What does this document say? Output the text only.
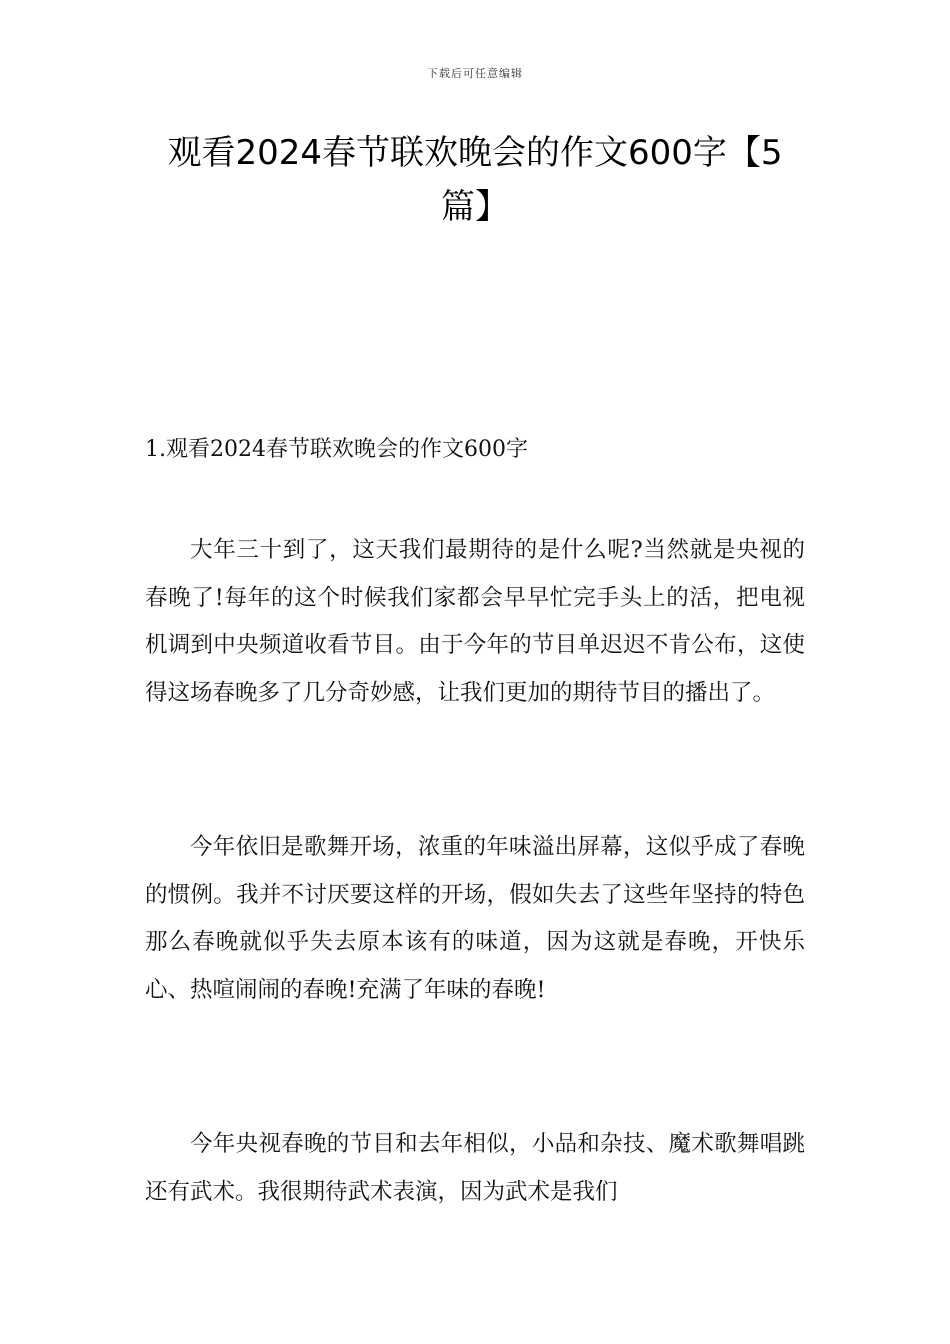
下载后可任意编辑
观看2024春节联欢晚会的作文600字【5篇】
1.观看2024春节联欢晚会的作文600字

大年三十到了，这天我们最期待的是什么呢?当然就是央视的春晚了!每年的这个时候我们家都会早早忙完手头上的活，把电视机调到中央频道收看节目。由于今年的节目单迟迟不肯公布，这使得这场春晚多了几分奇妙感，让我们更加的期待节目的播出了。

今年依旧是歌舞开场，浓重的年味溢出屏幕，这似乎成了春晚的惯例。我并不讨厌要这样的开场，假如失去了这些年坚持的特色那么春晚就似乎失去原本该有的味道，因为这就是春晚，开快乐心、热喧闹闹的春晚!充满了年味的春晚!

今年央视春晚的节目和去年相似，小品和杂技、魔术歌舞唱跳还有武术。我很期待武术表演，因为武术是我们
